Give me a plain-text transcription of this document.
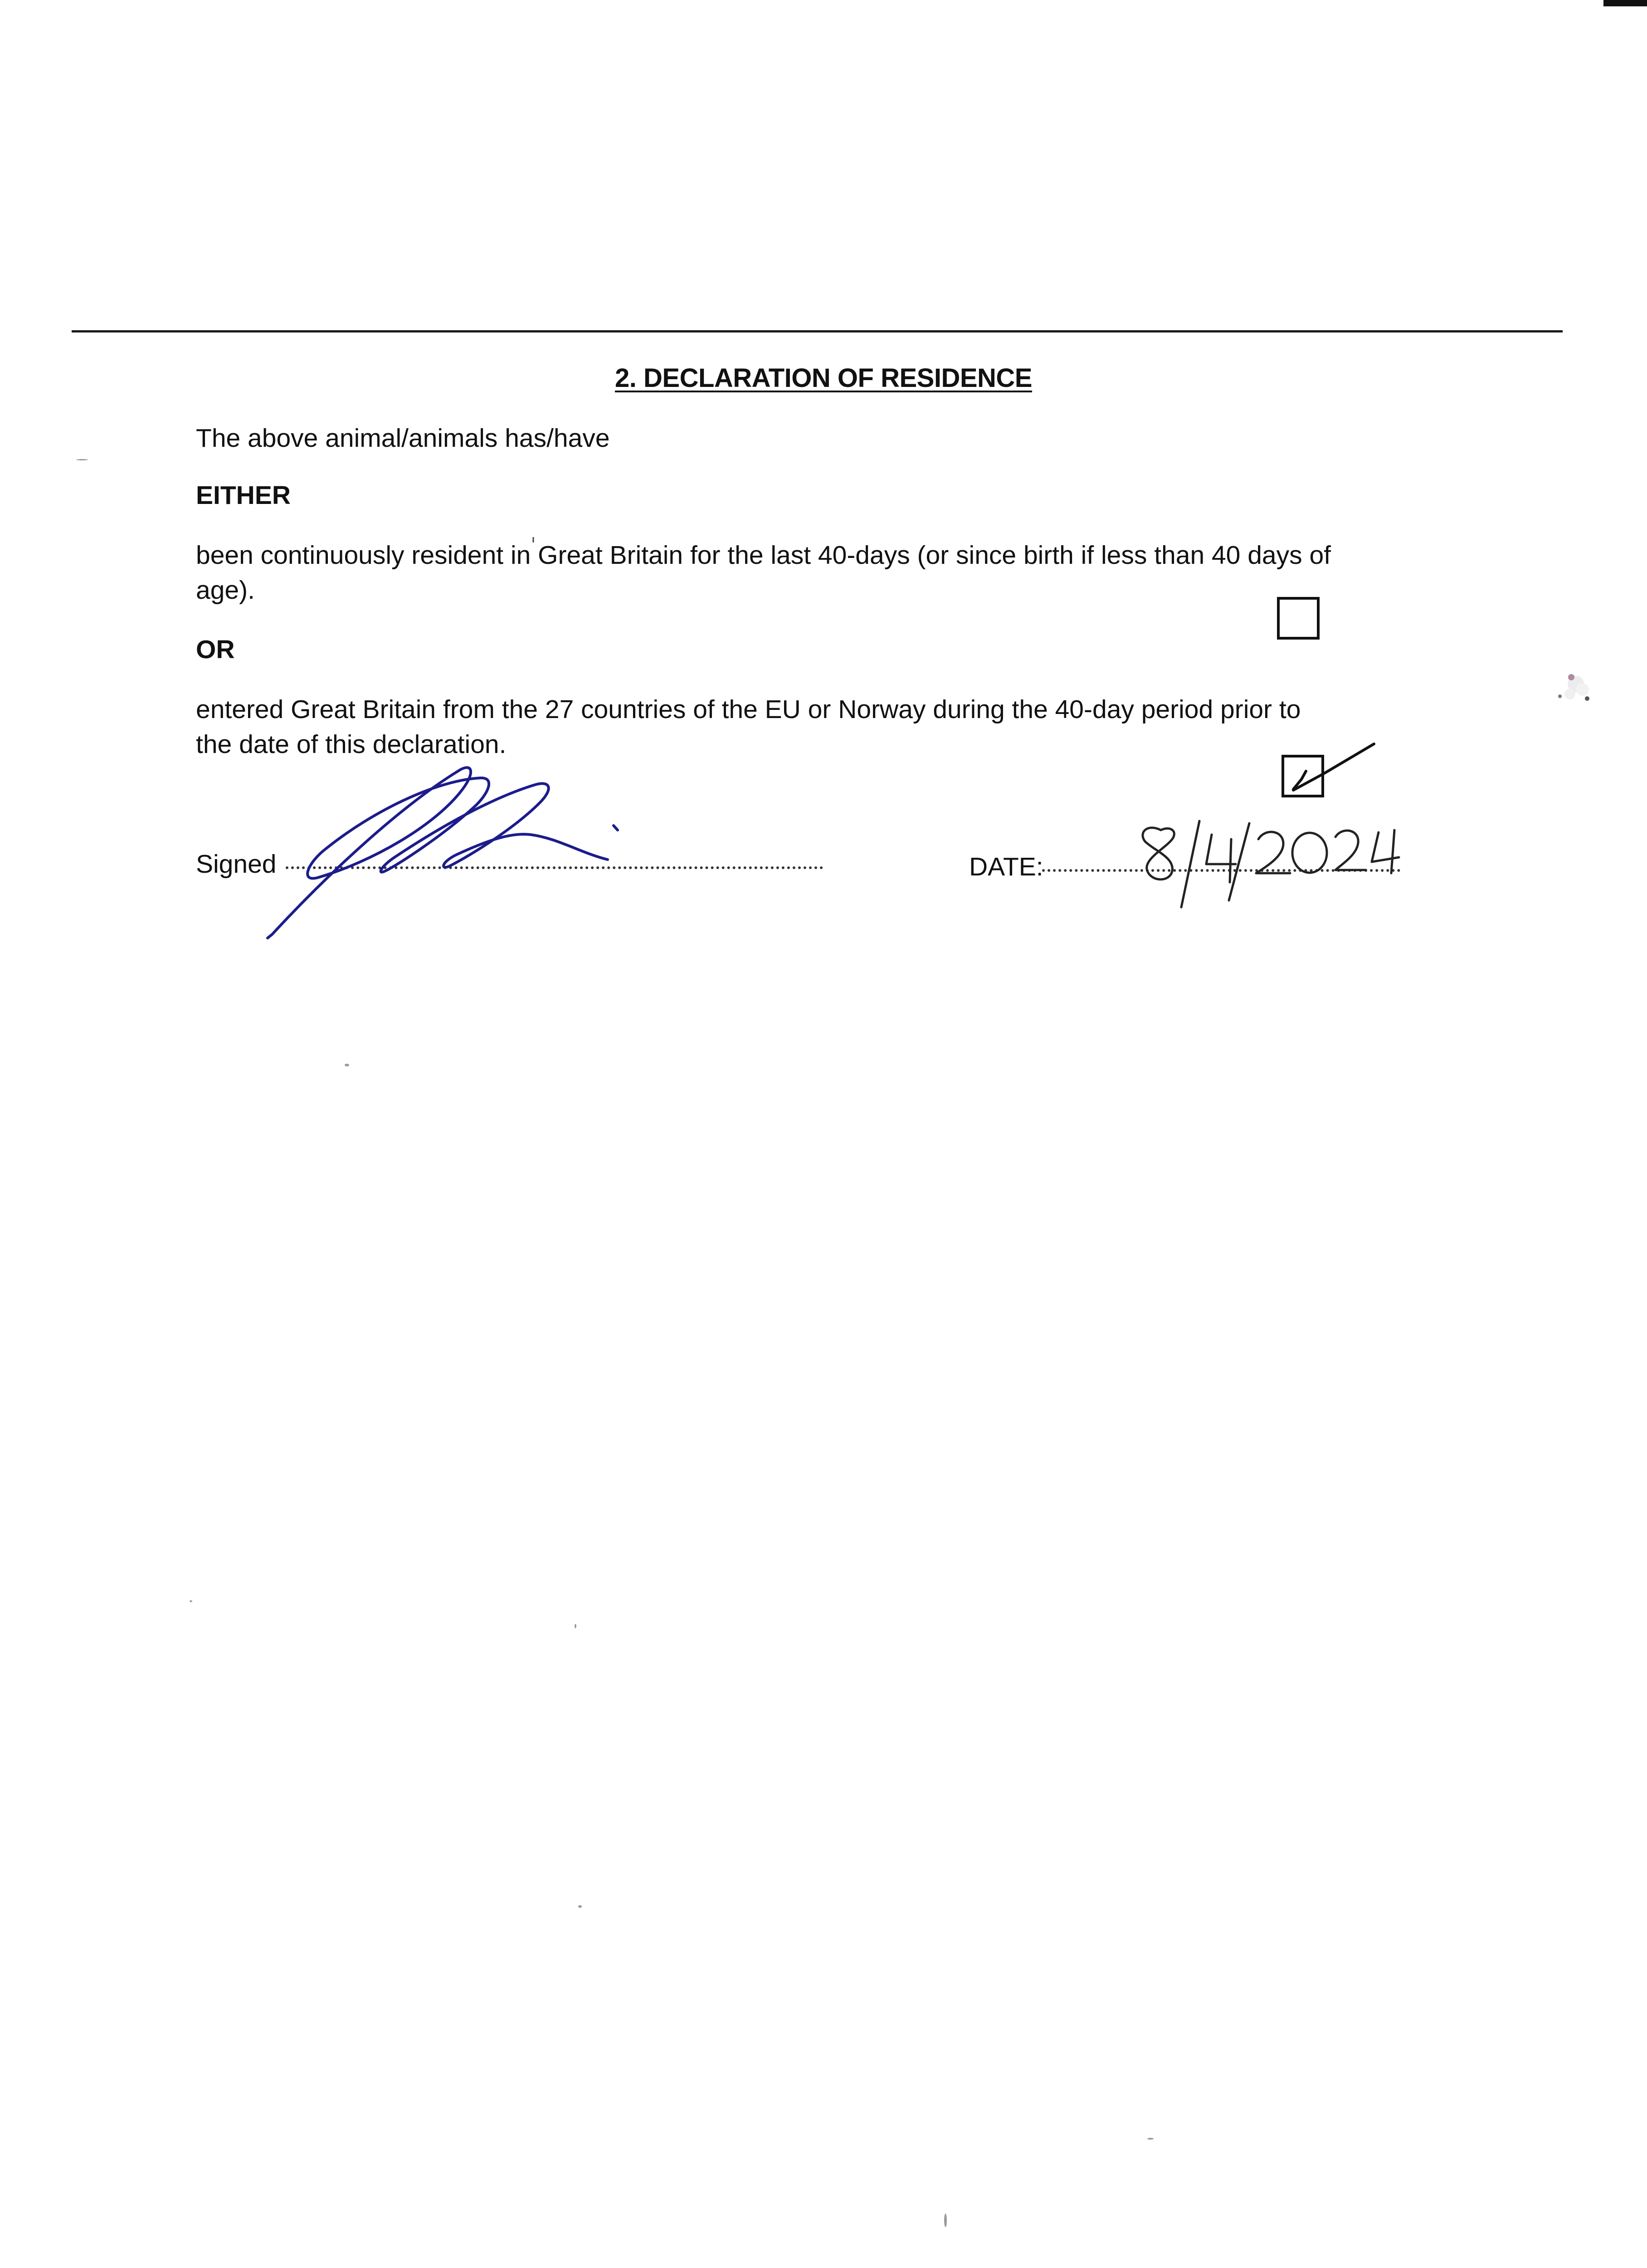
2. DECLARATION OF RESIDENCE
The above animal/animals has/have
EITHER
been continuously resident in Great Britain for the last 40-days (or since birth if less than 40 days of
age).
OR
entered Great Britain from the 27 countries of the EU or Norway during the 40-day period prior to
the date of this declaration.
Signed	DATE:
